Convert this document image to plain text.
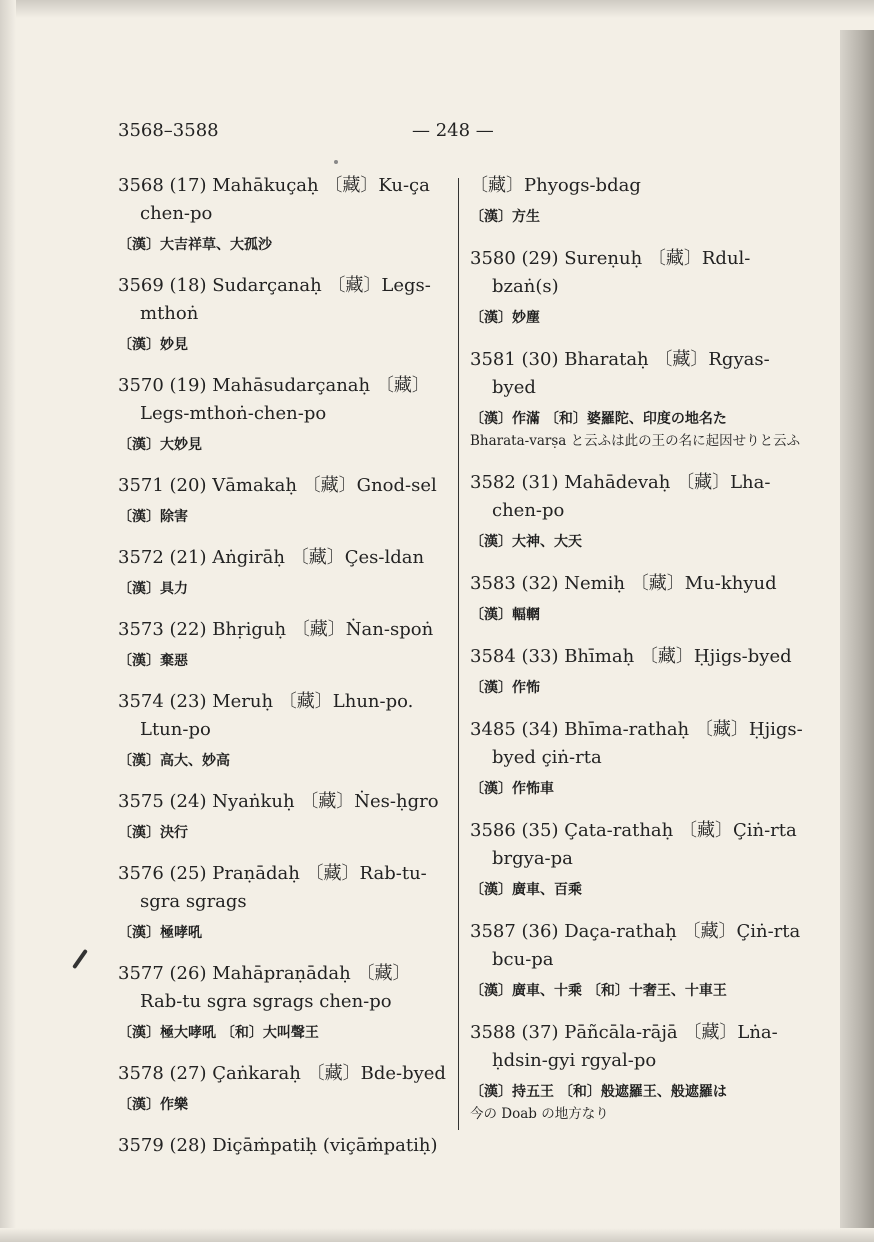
3568–3588	— 248 —

3568 (17) Mahākuçaḥ 〔藏〕Ku-ça chen-po

〔漢〕大吉祥草、大孤沙

3569 (18) Sudarçanaḥ 〔藏〕Legs-mthoṅ

〔漢〕妙見

3570 (19) Mahāsudarçanaḥ 〔藏〕Legs-mthoṅ-chen-po

〔漢〕大妙見

3571 (20) Vāmakaḥ 〔藏〕Gnod-sel

〔漢〕除害

3572 (21) Aṅgirāḥ 〔藏〕Çes-ldan

〔漢〕具力

3573 (22) Bhṛiguḥ 〔藏〕Ṅan-spoṅ

〔漢〕棄惡

3574 (23) Meruḥ 〔藏〕Lhun-po. Ltun-po

〔漢〕高大、妙高

3575 (24) Nyaṅkuḥ 〔藏〕Ṅes-ḥgro

〔漢〕決行

3576 (25) Praṇādaḥ 〔藏〕Rab-tu-sgra sgrags

〔漢〕極哮吼

3577 (26) Mahāpraṇādaḥ 〔藏〕Rab-tu sgra sgrags chen-po

〔漢〕極大哮吼 〔和〕大叫聲王

3578 (27) Çaṅkaraḥ 〔藏〕Bde-byed

〔漢〕作樂

3579 (28) Diçāṁpatiḥ (viçāṁpatiḥ)

〔藏〕Phyogs-bdag

〔漢〕方生

3580 (29) Sureṇuḥ 〔藏〕Rdul-bzaṅ(s)

〔漢〕妙塵

3581 (30) Bharataḥ 〔藏〕Rgyas-byed

〔漢〕作滿 〔和〕婆羅陀、印度の地名た

Bharata-varṣa と云ふは此の王の名に起因せりと云ふ

3582 (31) Mahādevaḥ 〔藏〕Lha-chen-po

〔漢〕大神、大天

3583 (32) Nemiḥ 〔藏〕Mu-khyud

〔漢〕輻輞

3584 (33) Bhīmaḥ 〔藏〕Ḥjigs-byed

〔漢〕作怖

3485 (34) Bhīma-rathaḥ 〔藏〕Ḥjigs-byed çiṅ-rta

〔漢〕作怖車

3586 (35) Çata-rathaḥ 〔藏〕Çiṅ-rta brgya-pa

〔漢〕廣車、百乘

3587 (36) Daça-rathaḥ 〔藏〕Çiṅ-rta bcu-pa

〔漢〕廣車、十乘 〔和〕十奢王、十車王

3588 (37) Pāñcāla-rājā 〔藏〕Lṅa-ḥdsin-gyi rgyal-po

〔漢〕持五王 〔和〕般遮羅王、般遮羅は

今の Doab の地方なり
